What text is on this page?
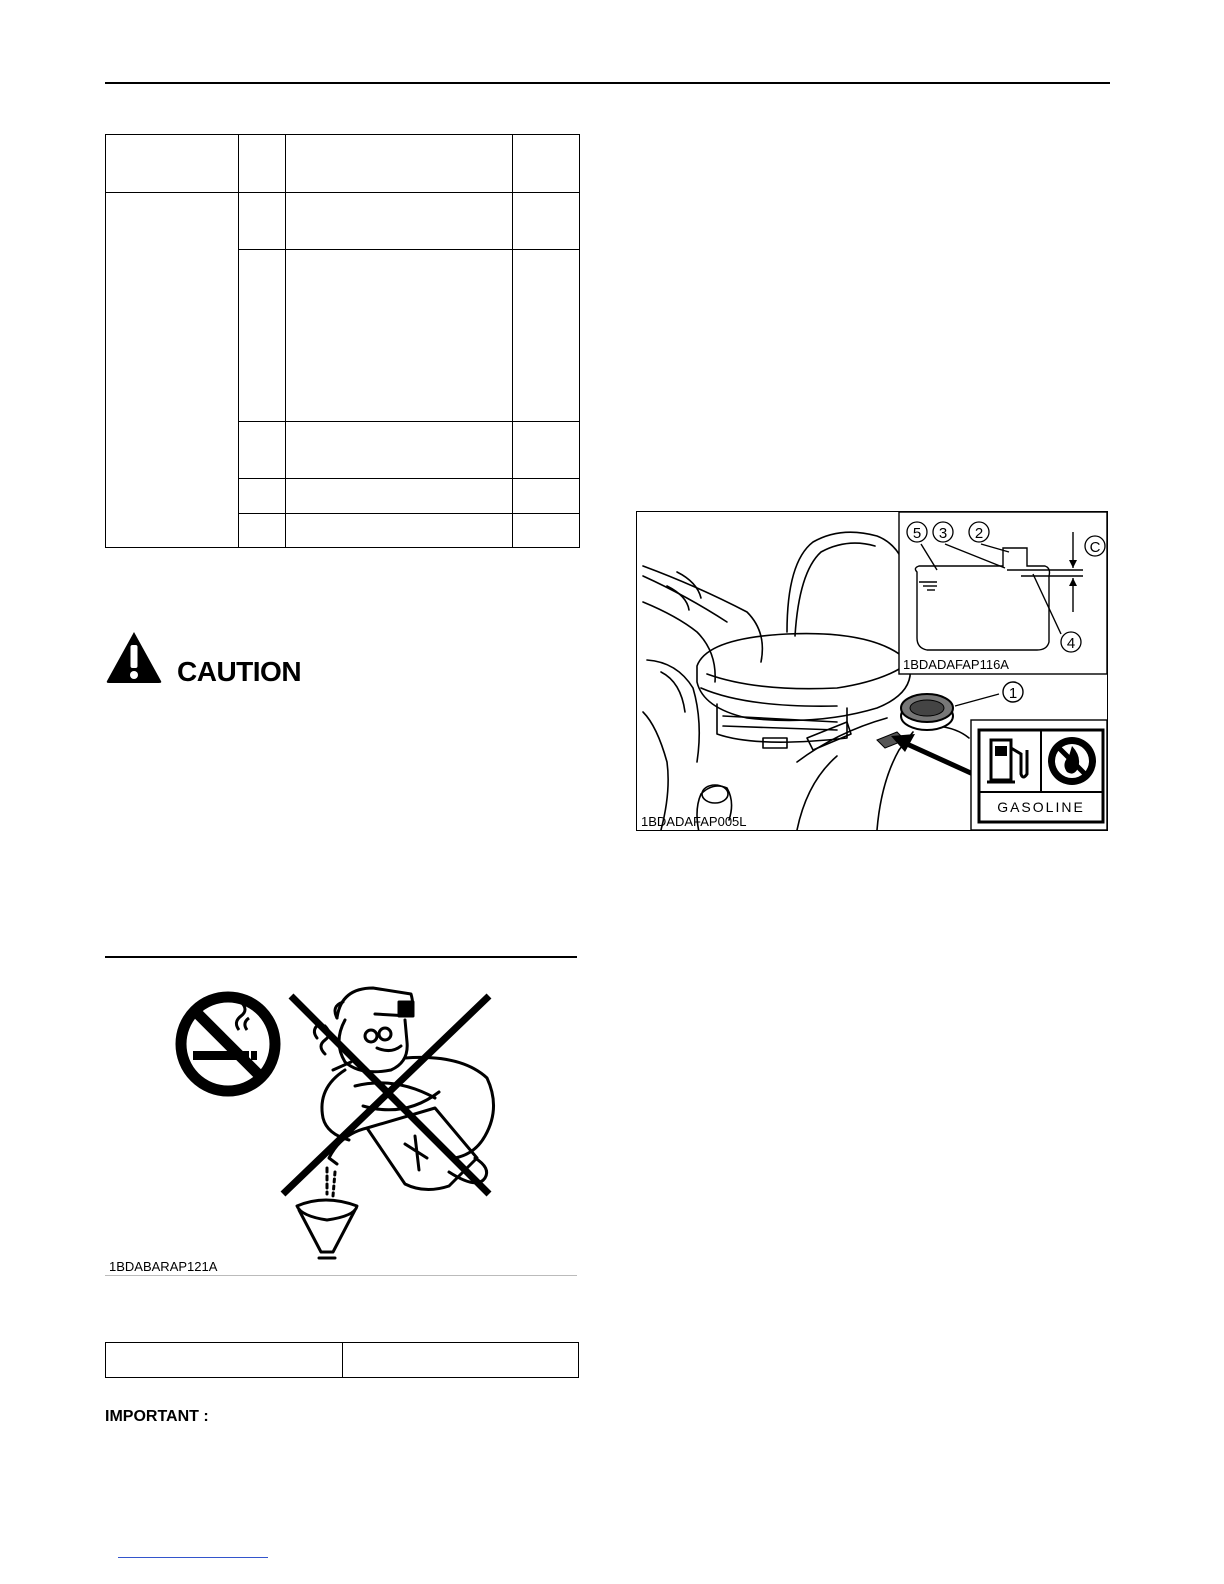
CAUTION
1BDABARAP121A

IMPORTANT :
1
5 3 2
C
4
1BDADAFAP116A
GASOLINE
1BDADAFAP005L
